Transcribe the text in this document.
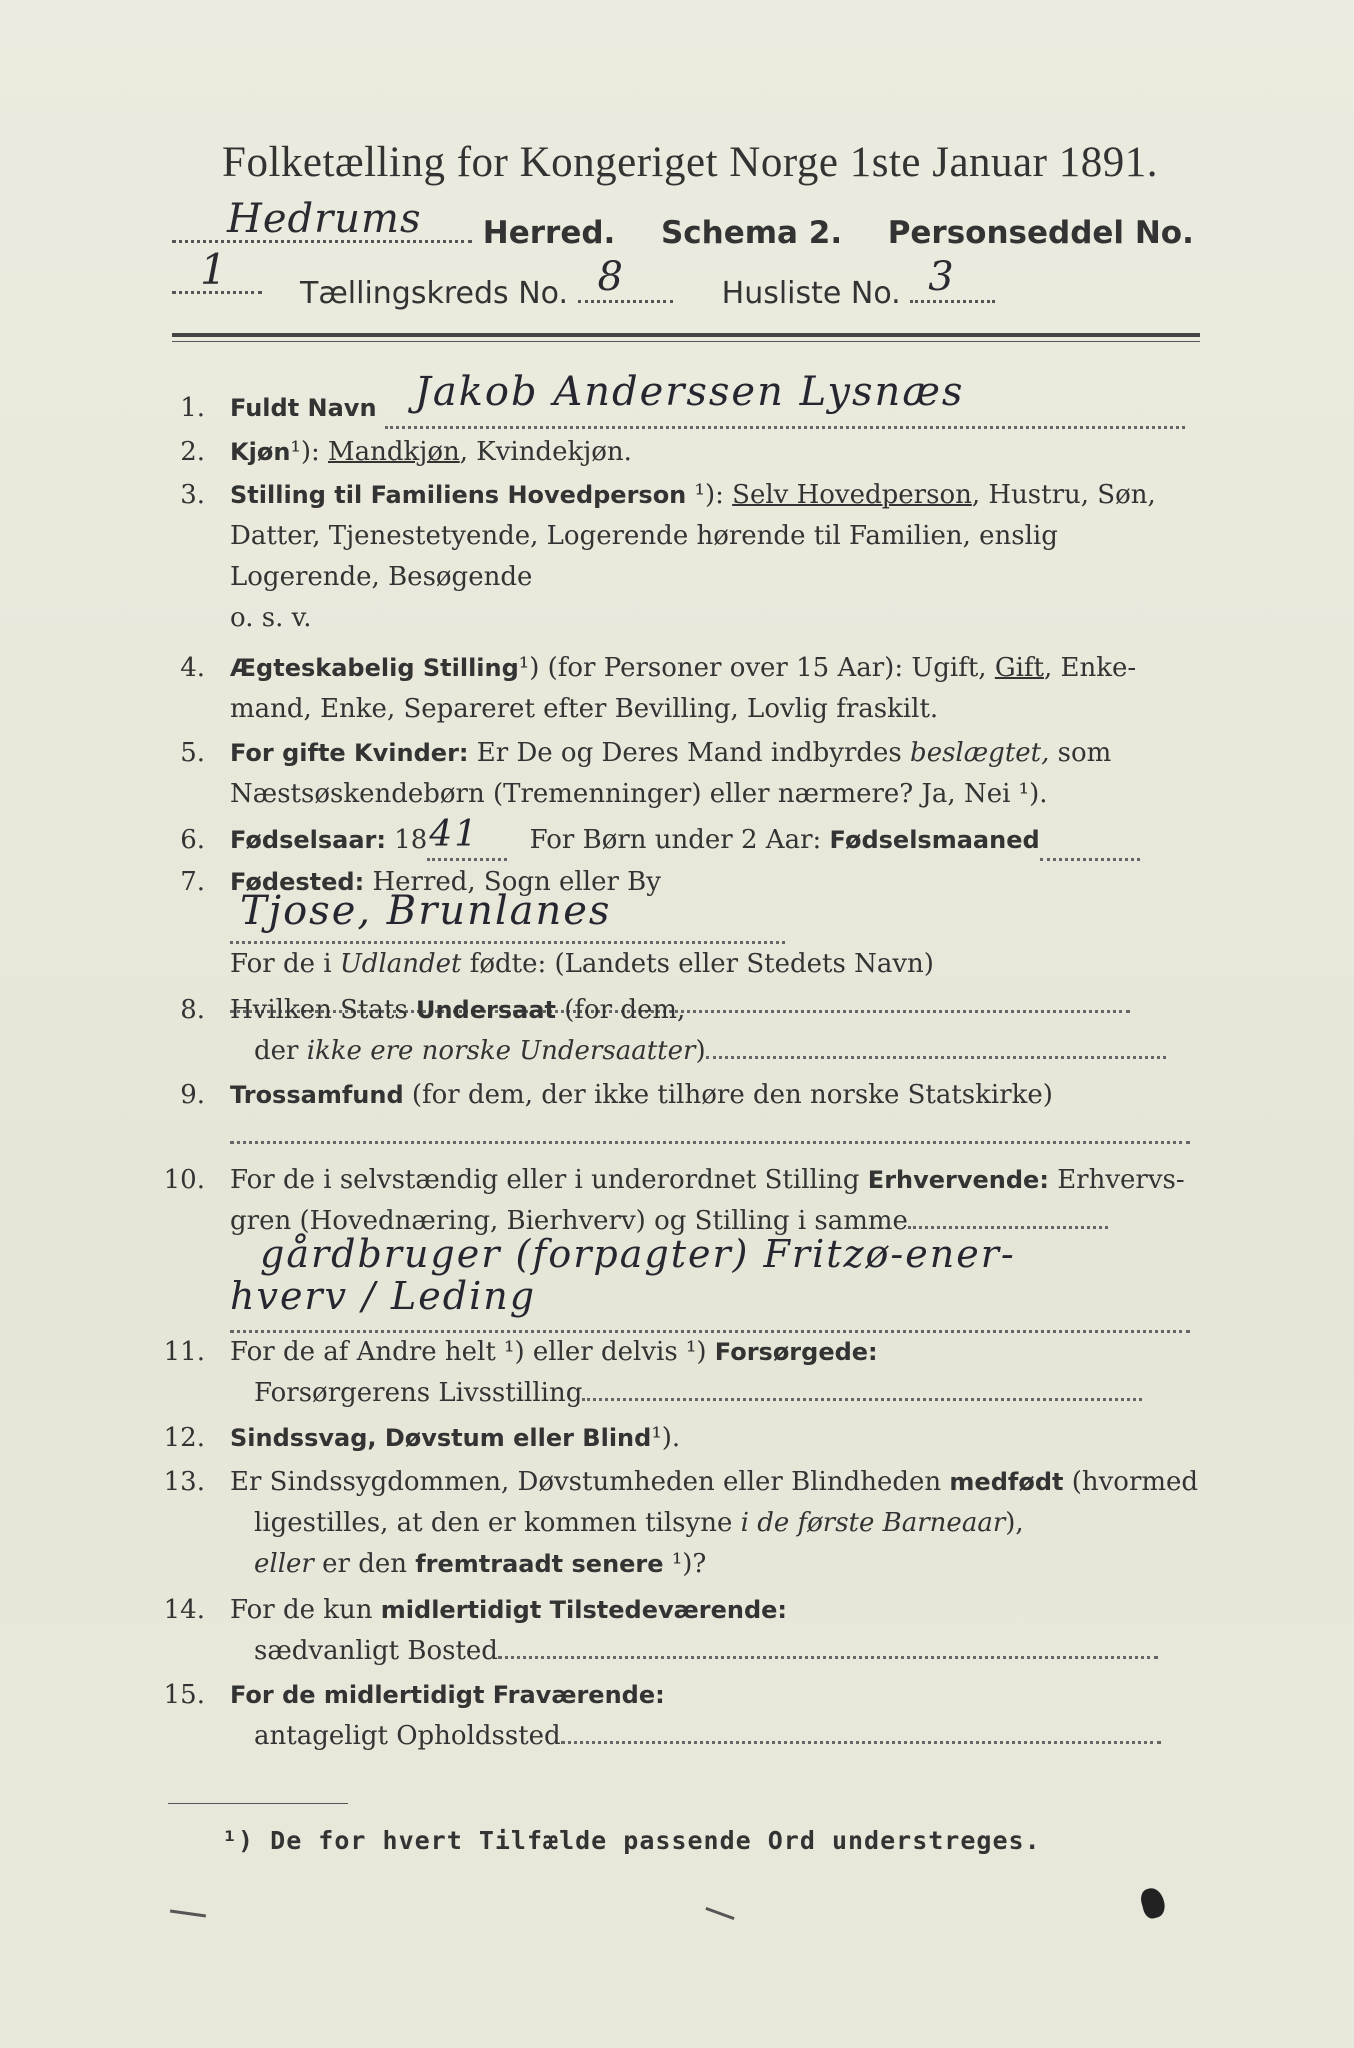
Folketælling for Kongeriget Norge 1ste Januar 1891.
Hedrums Herred. Schema 2. Personseddel No.
1 Tællingskreds No. 8	Husliste No. 3
1. Fuldt Navn Jakob Anderssen Lysnæs
2. Kjøn¹): Mandkjøn, Kvindekjøn.
3. Stilling til Familiens Hovedperson ¹): Selv Hovedperson, Hustru, Søn,
Datter, Tjenestetyende, Logerende hørende til Familien, enslig
Logerende, Besøgende
o. s. v.
4. Ægteskabelig Stilling¹) (for Personer over 15 Aar): Ugift, Gift, Enke-
mand, Enke, Separeret efter Bevilling, Lovlig fraskilt.
5. For gifte Kvinder: Er De og Deres Mand indbyrdes beslægtet, som
Næstsøskendebørn (Tremenninger) eller nærmere? Ja, Nei ¹).
6. Fødselsaar: 18 41 For Børn under 2 Aar: Fødselsmaaned
7. Fødested: Herred, Sogn eller By
Tjose, Brunlanes
For de i Udlandet fødte: (Landets eller Stedets Navn)
8. Hvilken Stats Undersaat (for dem,
der ikke ere norske Undersaatter)
9. Trossamfund (for dem, der ikke tilhøre den norske Statskirke)
10. For de i selvstændig eller i underordnet Stilling Erhvervende: Erhvervs-
gren (Hovednæring, Bierhverv) og Stilling i samme
gårdbruger (forpagter) Fritzø-ener-
hverv / Leding
11. For de af Andre helt ¹) eller delvis ¹) Forsørgede:
Forsørgerens Livsstilling
12. Sindssvag, Døvstum eller Blind¹).
13. Er Sindssygdommen, Døvstumheden eller Blindheden medfødt (hvormed
ligestilles, at den er kommen tilsyne i de første Barneaar),
eller er den fremtraadt senere ¹)?
14. For de kun midlertidigt Tilstedeværende:
sædvanligt Bosted
15. For de midlertidigt Fraværende:
antageligt Opholdssted
¹) De for hvert Tilfælde passende Ord understreges.
